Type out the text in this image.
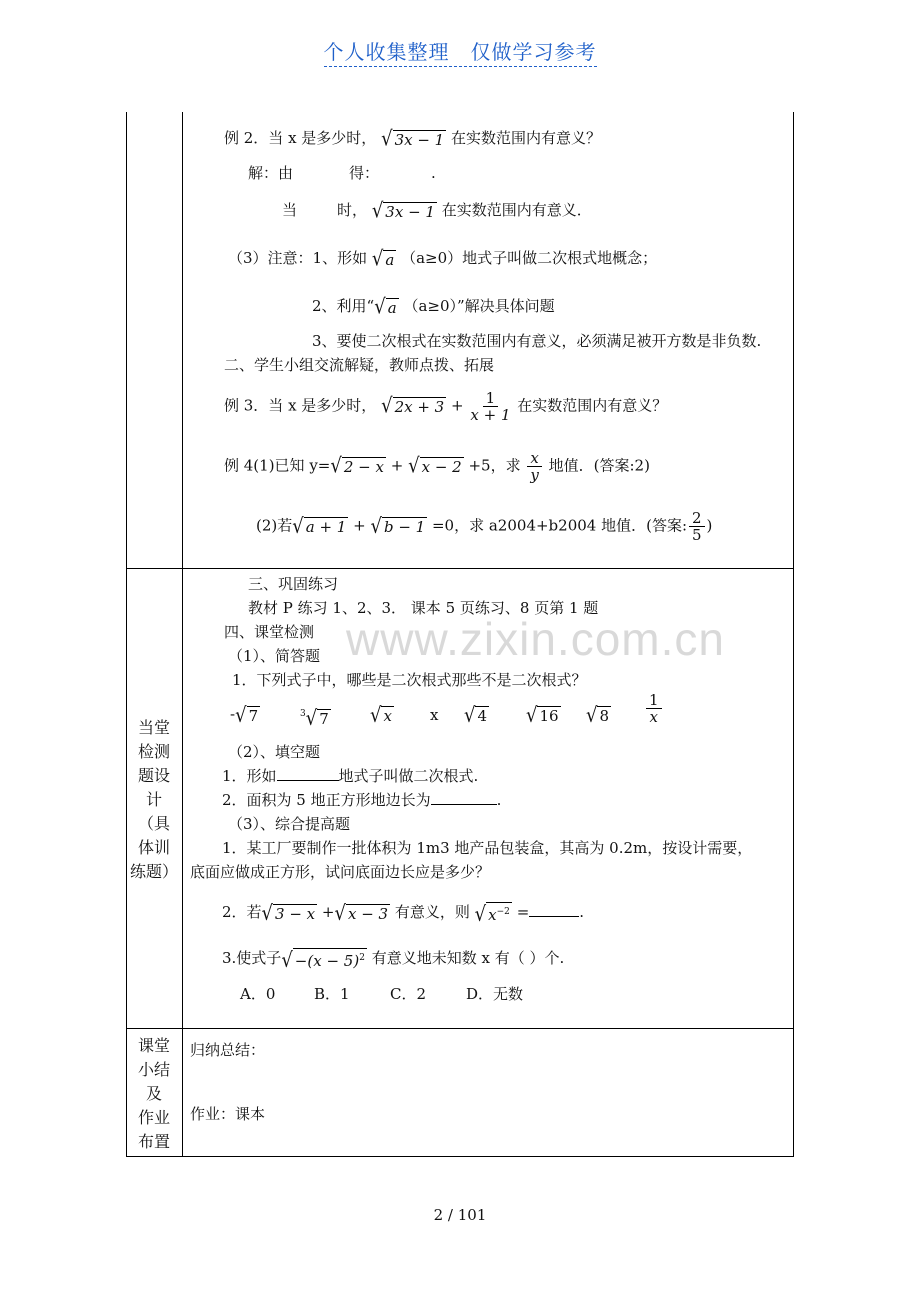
个人收集整理　仅做学习参考
www.zixin.com.cn
例 2．当 x 是多少时， √ 3x − 1 在实数范围内有意义？
解：由	得：	.
当	时， √ 3x − 1 在实数范围内有意义．
（3）注意：1、形如 √ a （a≥0）地式子叫做二次根式地概念；
2、利用“ √ a （a≥0）”解决具体问题
3、要使二次根式在实数范围内有意义，必须满足被开方数是非负数.
二、学生小组交流解疑，教师点拨、拓展
例 3．当 x 是多少时， √ $2x + 3 + \frac{1}{x + 1}$ 在实数范围内有意义？
例 4(1)已知 y= √ 2 − x + √ x − 2 +5，求 $\frac{x}{y}$ 地值．(答案:2)
(2)若 √ a + 1 + √ b − 1 =0，求 a2004+b2004 地值．(答案: $\frac{2}{5}$ )
当堂
检测
题设
计
（具
体训
练题）
三、巩固练习
教材 P 练习 1、2、3． 课本 5 页练习、8 页第 1 题
四、课堂检测
（1）、简答题
1．下列式子中，哪些是二次根式那些不是二次根式？
- √ 7	$^3$ √ 7 √ x	x √ 4 √ 16 √ $8 \frac{1}{x}$
（2）、填空题
1．形如	地式子叫做二次根式.
2．面积为 5 地正方形地边长为	.
（3）、综合提高题
1．某工厂要制作一批体积为 1m3 地产品包装盒，其高为 0.2m，按设计需要，
底面应做成正方形，试问底面边长应是多少？
2．若 √ 3 − x + √ x − 3 有意义，则 √ $x^{-2}$ =	.
3.使式子 √ $-(x - 5)^2$ 有意义地未知数 x 有（ ）个.
A．0	B．1	C．2	D．无数
课堂
小结
及
作业
布置
归纳总结：
作业：课本
2 / 101
